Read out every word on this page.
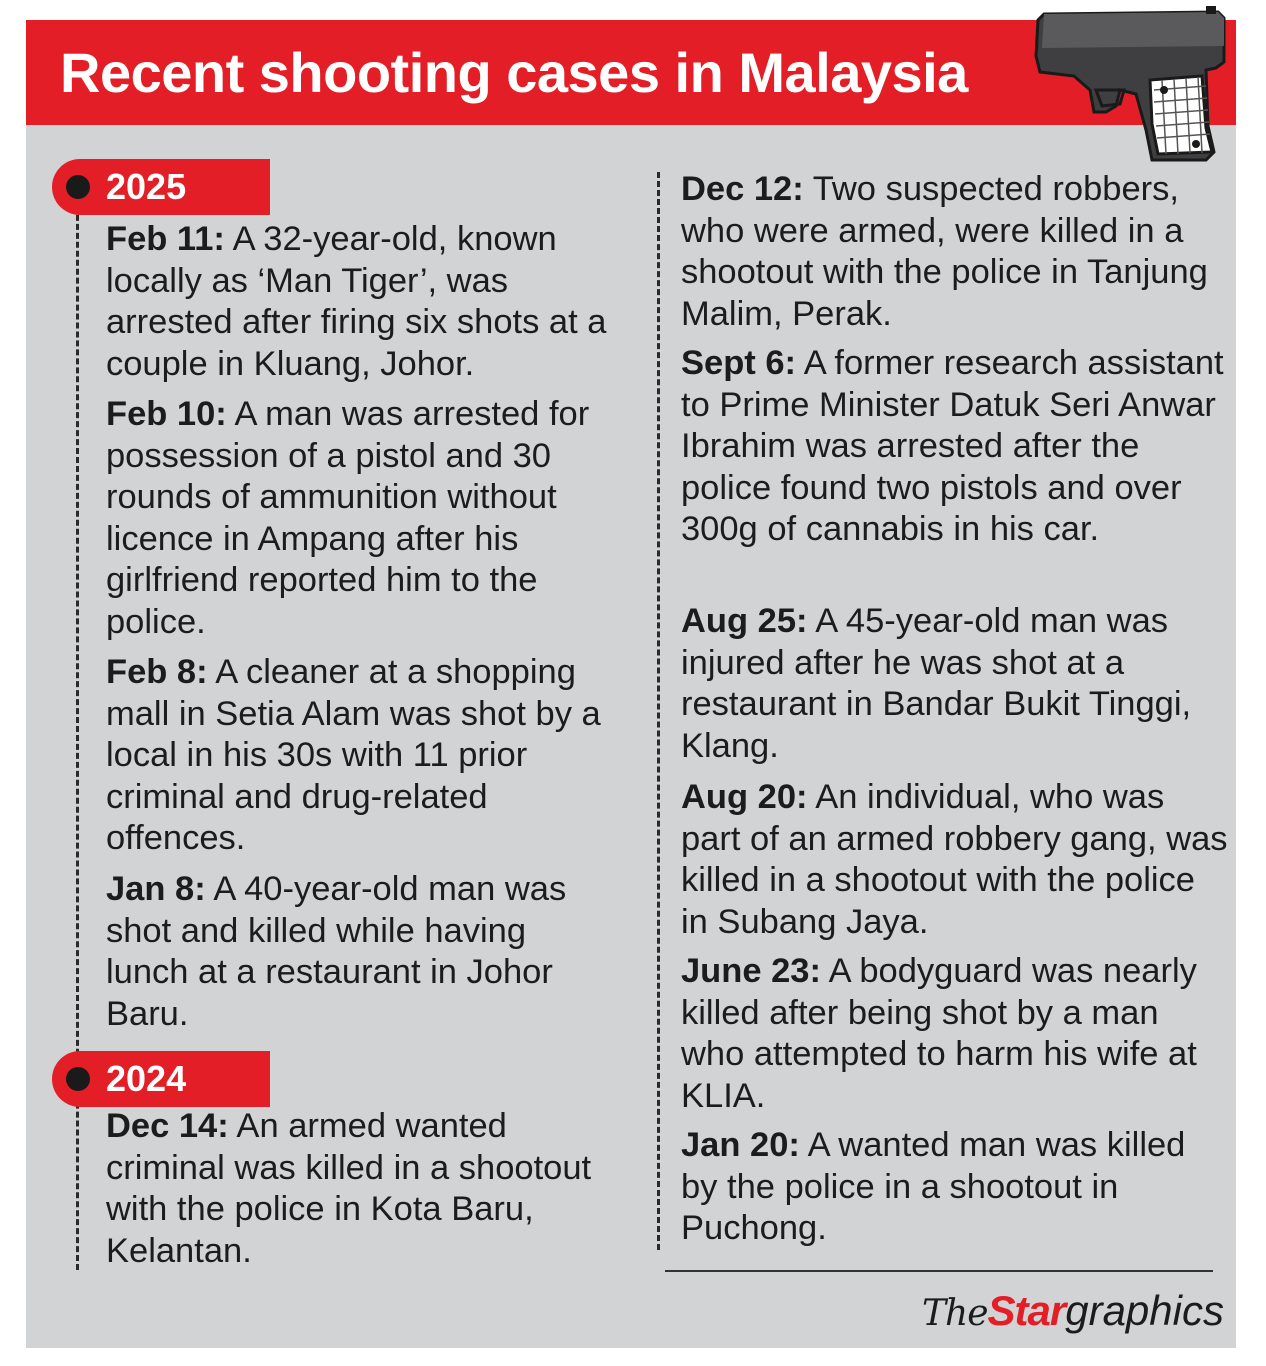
Recent shooting cases in Malaysia
2025

Feb 11: A 32-year-old, known locally as ‘Man Tiger’, was arrested after firing six shots at a couple in Kluang, Johor.

Feb 10: A man was arrested for possession of a pistol and 30 rounds of ammunition without licence in Ampang after his girlfriend reported him to the police.

Feb 8: A cleaner at a shopping mall in Setia Alam was shot by a local in his 30s with 11 prior criminal and drug-related offences.

Jan 8: A 40-year-old man was shot and killed while having lunch at a restaurant in Johor Baru.

2024

Dec 14: An armed wanted criminal was killed in a shootout with the police in Kota Baru, Kelantan.

Dec 12: Two suspected robbers, who were armed, were killed in a shootout with the police in Tanjung Malim, Perak.

Sept 6: A former research assistant to Prime Minister Datuk Seri Anwar Ibrahim was arrested after the police found two pistols and over 300g of cannabis in his car.

Aug 25: A 45-year-old man was injured after he was shot at a restaurant in Bandar Bukit Tinggi, Klang.

Aug 20: An individual, who was part of an armed robbery gang, was killed in a shootout with the police in Subang Jaya.

June 23: A bodyguard was nearly killed after being shot by a man who attempted to harm his wife at KLIA.

Jan 20: A wanted man was killed by the police in a shootout in Puchong.

TheStargraphics
